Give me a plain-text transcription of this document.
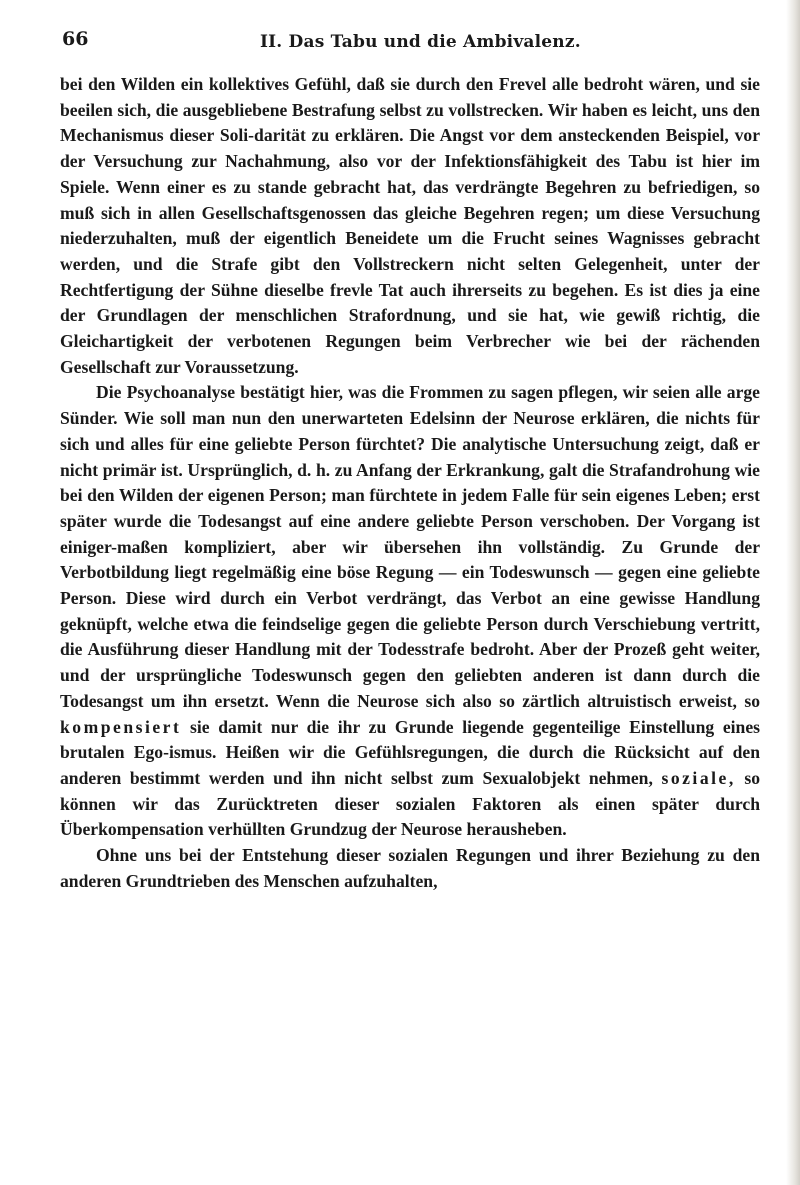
66	II. Das Tabu und die Ambivalenz.

bei den Wilden ein kollektives Gefühl, daß sie durch den Frevel alle bedroht wären, und sie beeilen sich, die ausgebliebene Bestrafung selbst zu vollstrecken. Wir haben es leicht, uns den Mechanismus dieser Soli-darität zu erklären. Die Angst vor dem ansteckenden Beispiel, vor der Versuchung zur Nachahmung, also vor der Infektionsfähigkeit des Tabu ist hier im Spiele. Wenn einer es zu stande gebracht hat, das verdrängte Begehren zu befriedigen, so muß sich in allen Gesellschaftsgenossen das gleiche Begehren regen; um diese Versuchung niederzuhalten, muß der eigentlich Beneidete um die Frucht seines Wagnisses gebracht werden, und die Strafe gibt den Vollstreckern nicht selten Gelegenheit, unter der Rechtfertigung der Sühne dieselbe frevle Tat auch ihrerseits zu begehen. Es ist dies ja eine der Grundlagen der menschlichen Strafordnung, und sie hat, wie gewiß richtig, die Gleichartigkeit der verbotenen Regungen beim Verbrecher wie bei der rächenden Gesellschaft zur Voraussetzung.

Die Psychoanalyse bestätigt hier, was die Frommen zu sagen pflegen, wir seien alle arge Sünder. Wie soll man nun den unerwarteten Edelsinn der Neurose erklären, die nichts für sich und alles für eine geliebte Person fürchtet? Die analytische Untersuchung zeigt, daß er nicht primär ist. Ursprünglich, d. h. zu Anfang der Erkrankung, galt die Strafandrohung wie bei den Wilden der eigenen Person; man fürchtete in jedem Falle für sein eigenes Leben; erst später wurde die Todesangst auf eine andere geliebte Person verschoben. Der Vorgang ist einiger-maßen kompliziert, aber wir übersehen ihn vollständig. Zu Grunde der Verbotbildung liegt regelmäßig eine böse Regung — ein Todeswunsch — gegen eine geliebte Person. Diese wird durch ein Verbot verdrängt, das Verbot an eine gewisse Handlung geknüpft, welche etwa die feindselige gegen die geliebte Person durch Verschiebung vertritt, die Ausführung dieser Handlung mit der Todesstrafe bedroht. Aber der Prozeß geht weiter, und der ursprüngliche Todeswunsch gegen den geliebten anderen ist dann durch die Todesangst um ihn ersetzt. Wenn die Neurose sich also so zärtlich altruistisch erweist, so kompensiert sie damit nur die ihr zu Grunde liegende gegenteilige Einstellung eines brutalen Ego-ismus. Heißen wir die Gefühlsregungen, die durch die Rücksicht auf den anderen bestimmt werden und ihn nicht selbst zum Sexualobjekt nehmen, soziale, so können wir das Zurücktreten dieser sozialen Faktoren als einen später durch Überkompensation verhüllten Grundzug der Neurose herausheben.

Ohne uns bei der Entstehung dieser sozialen Regungen und ihrer Beziehung zu den anderen Grundtrieben des Menschen aufzuhalten,
